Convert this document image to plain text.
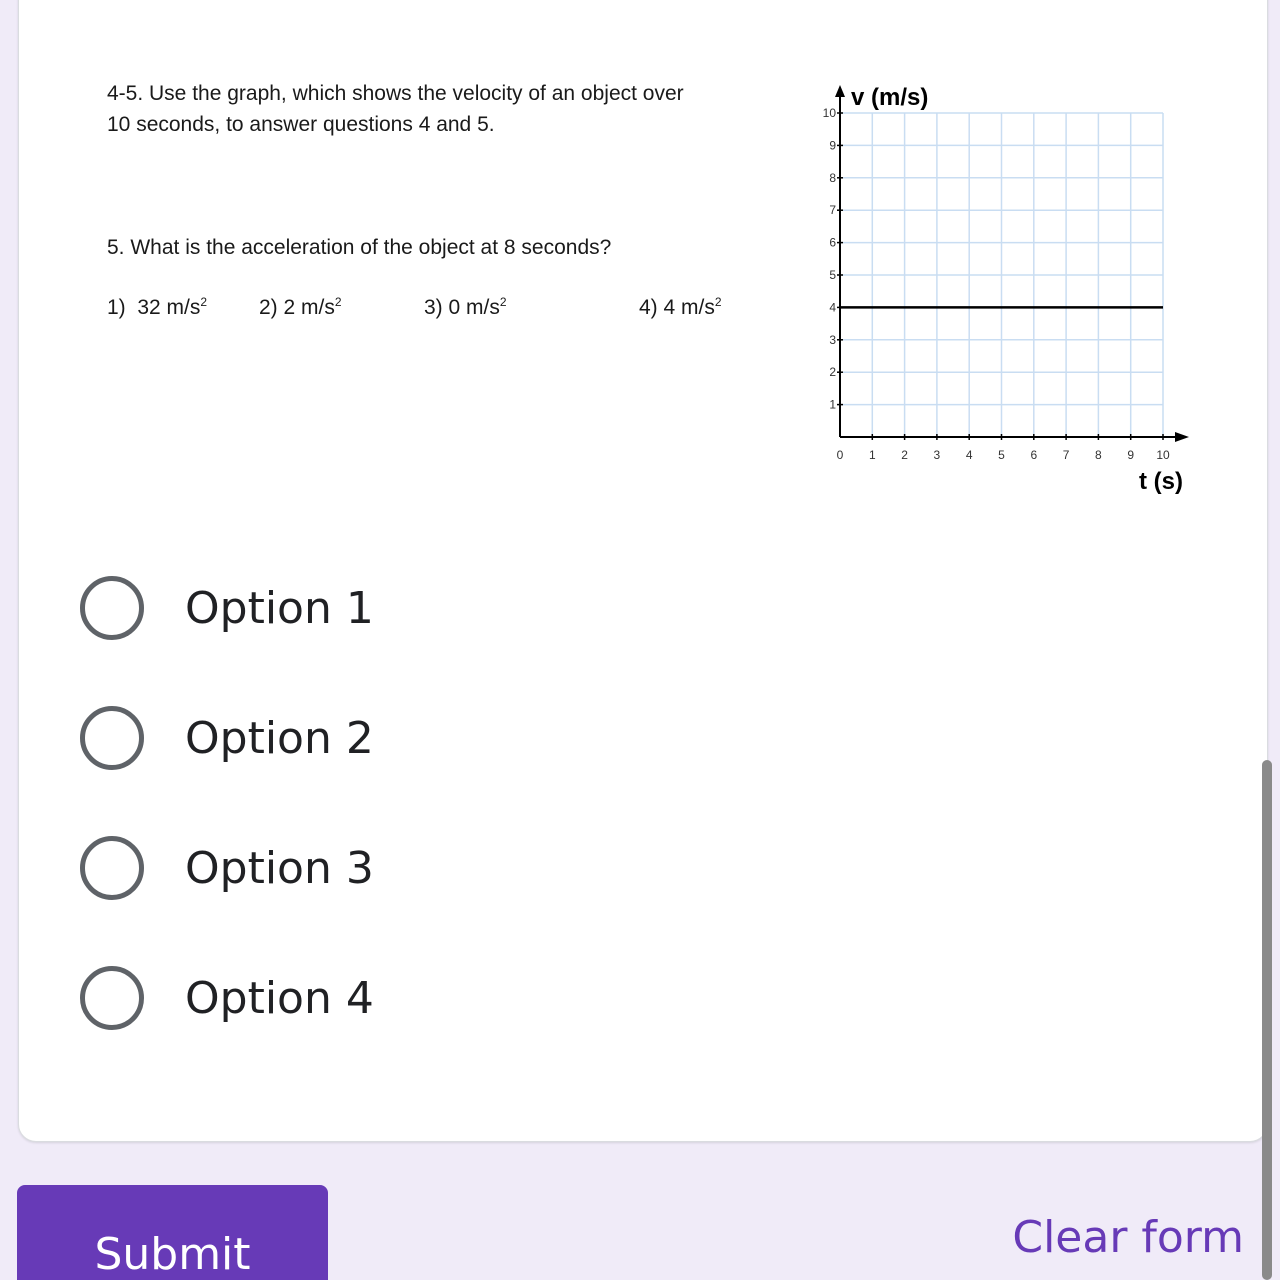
4-5. Use the graph, which shows the velocity of an object over
10 seconds, to answer questions 4 and 5.
5. What is the acceleration of the object at 8 seconds?
1) 32 $m/s^2$ 2) 2 $m/s^2$	3) 0 $m/s^2$	4) 4 $m/s^2$
0 1 2 3 4 5 6 7 8 9 10
1
2
3
4
5
6
7
8
9
10
v (m/s)
t (s)
Option 1
Option 2
Option 3
Option 4
Submit	Clear form
